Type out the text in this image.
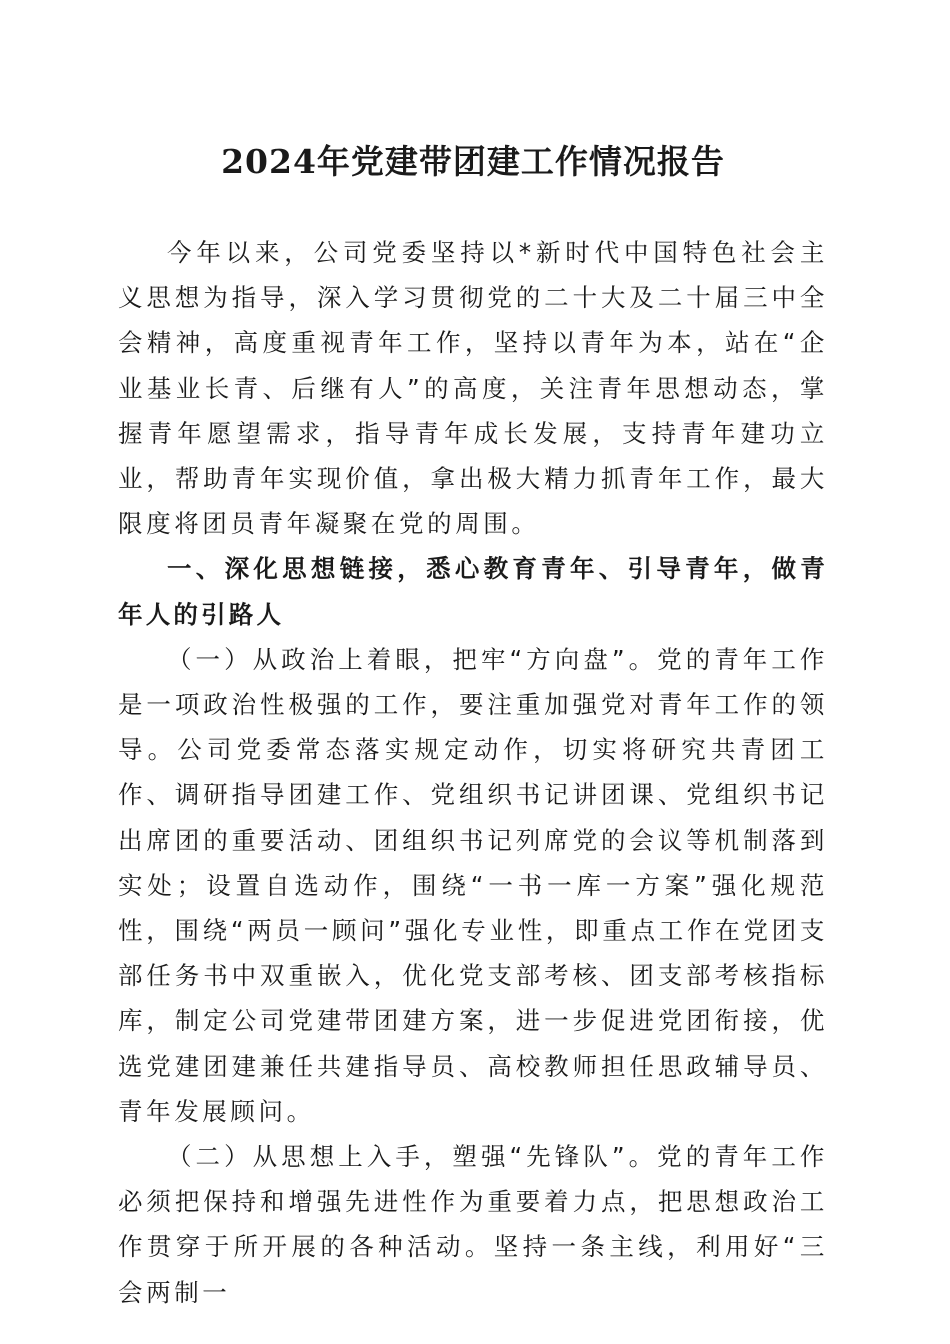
2024年党建带团建工作情况报告

今年以来，公司党委坚持以*新时代中国特色社会主义思想为指导，深入学习贯彻党的二十大及二十届三中全会精神，高度重视青年工作，坚持以青年为本，站在“企业基业长青、后继有人”的高度，关注青年思想动态，掌握青年愿望需求，指导青年成长发展，支持青年建功立业，帮助青年实现价值，拿出极大精力抓青年工作，最大限度将团员青年凝聚在党的周围。

一、深化思想链接，悉心教育青年、引导青年，做青年人的引路人

（一）从政治上着眼，把牢“方向盘”。党的青年工作是一项政治性极强的工作，要注重加强党对青年工作的领导。公司党委常态落实规定动作，切实将研究共青团工作、调研指导团建工作、党组织书记讲团课、党组织书记出席团的重要活动、团组织书记列席党的会议等机制落到实处；设置自选动作，围绕“一书一库一方案”强化规范性，围绕“两员一顾问”强化专业性，即重点工作在党团支部任务书中双重嵌入，优化党支部考核、团支部考核指标库，制定公司党建带团建方案，进一步促进党团衔接，优选党建团建兼任共建指导员、高校教师担任思政辅导员、青年发展顾问。

（二）从思想上入手，塑强“先锋队”。党的青年工作必须把保持和增强先进性作为重要着力点，把思想政治工作贯穿于所开展的各种活动。坚持一条主线，利用好“三会两制一
